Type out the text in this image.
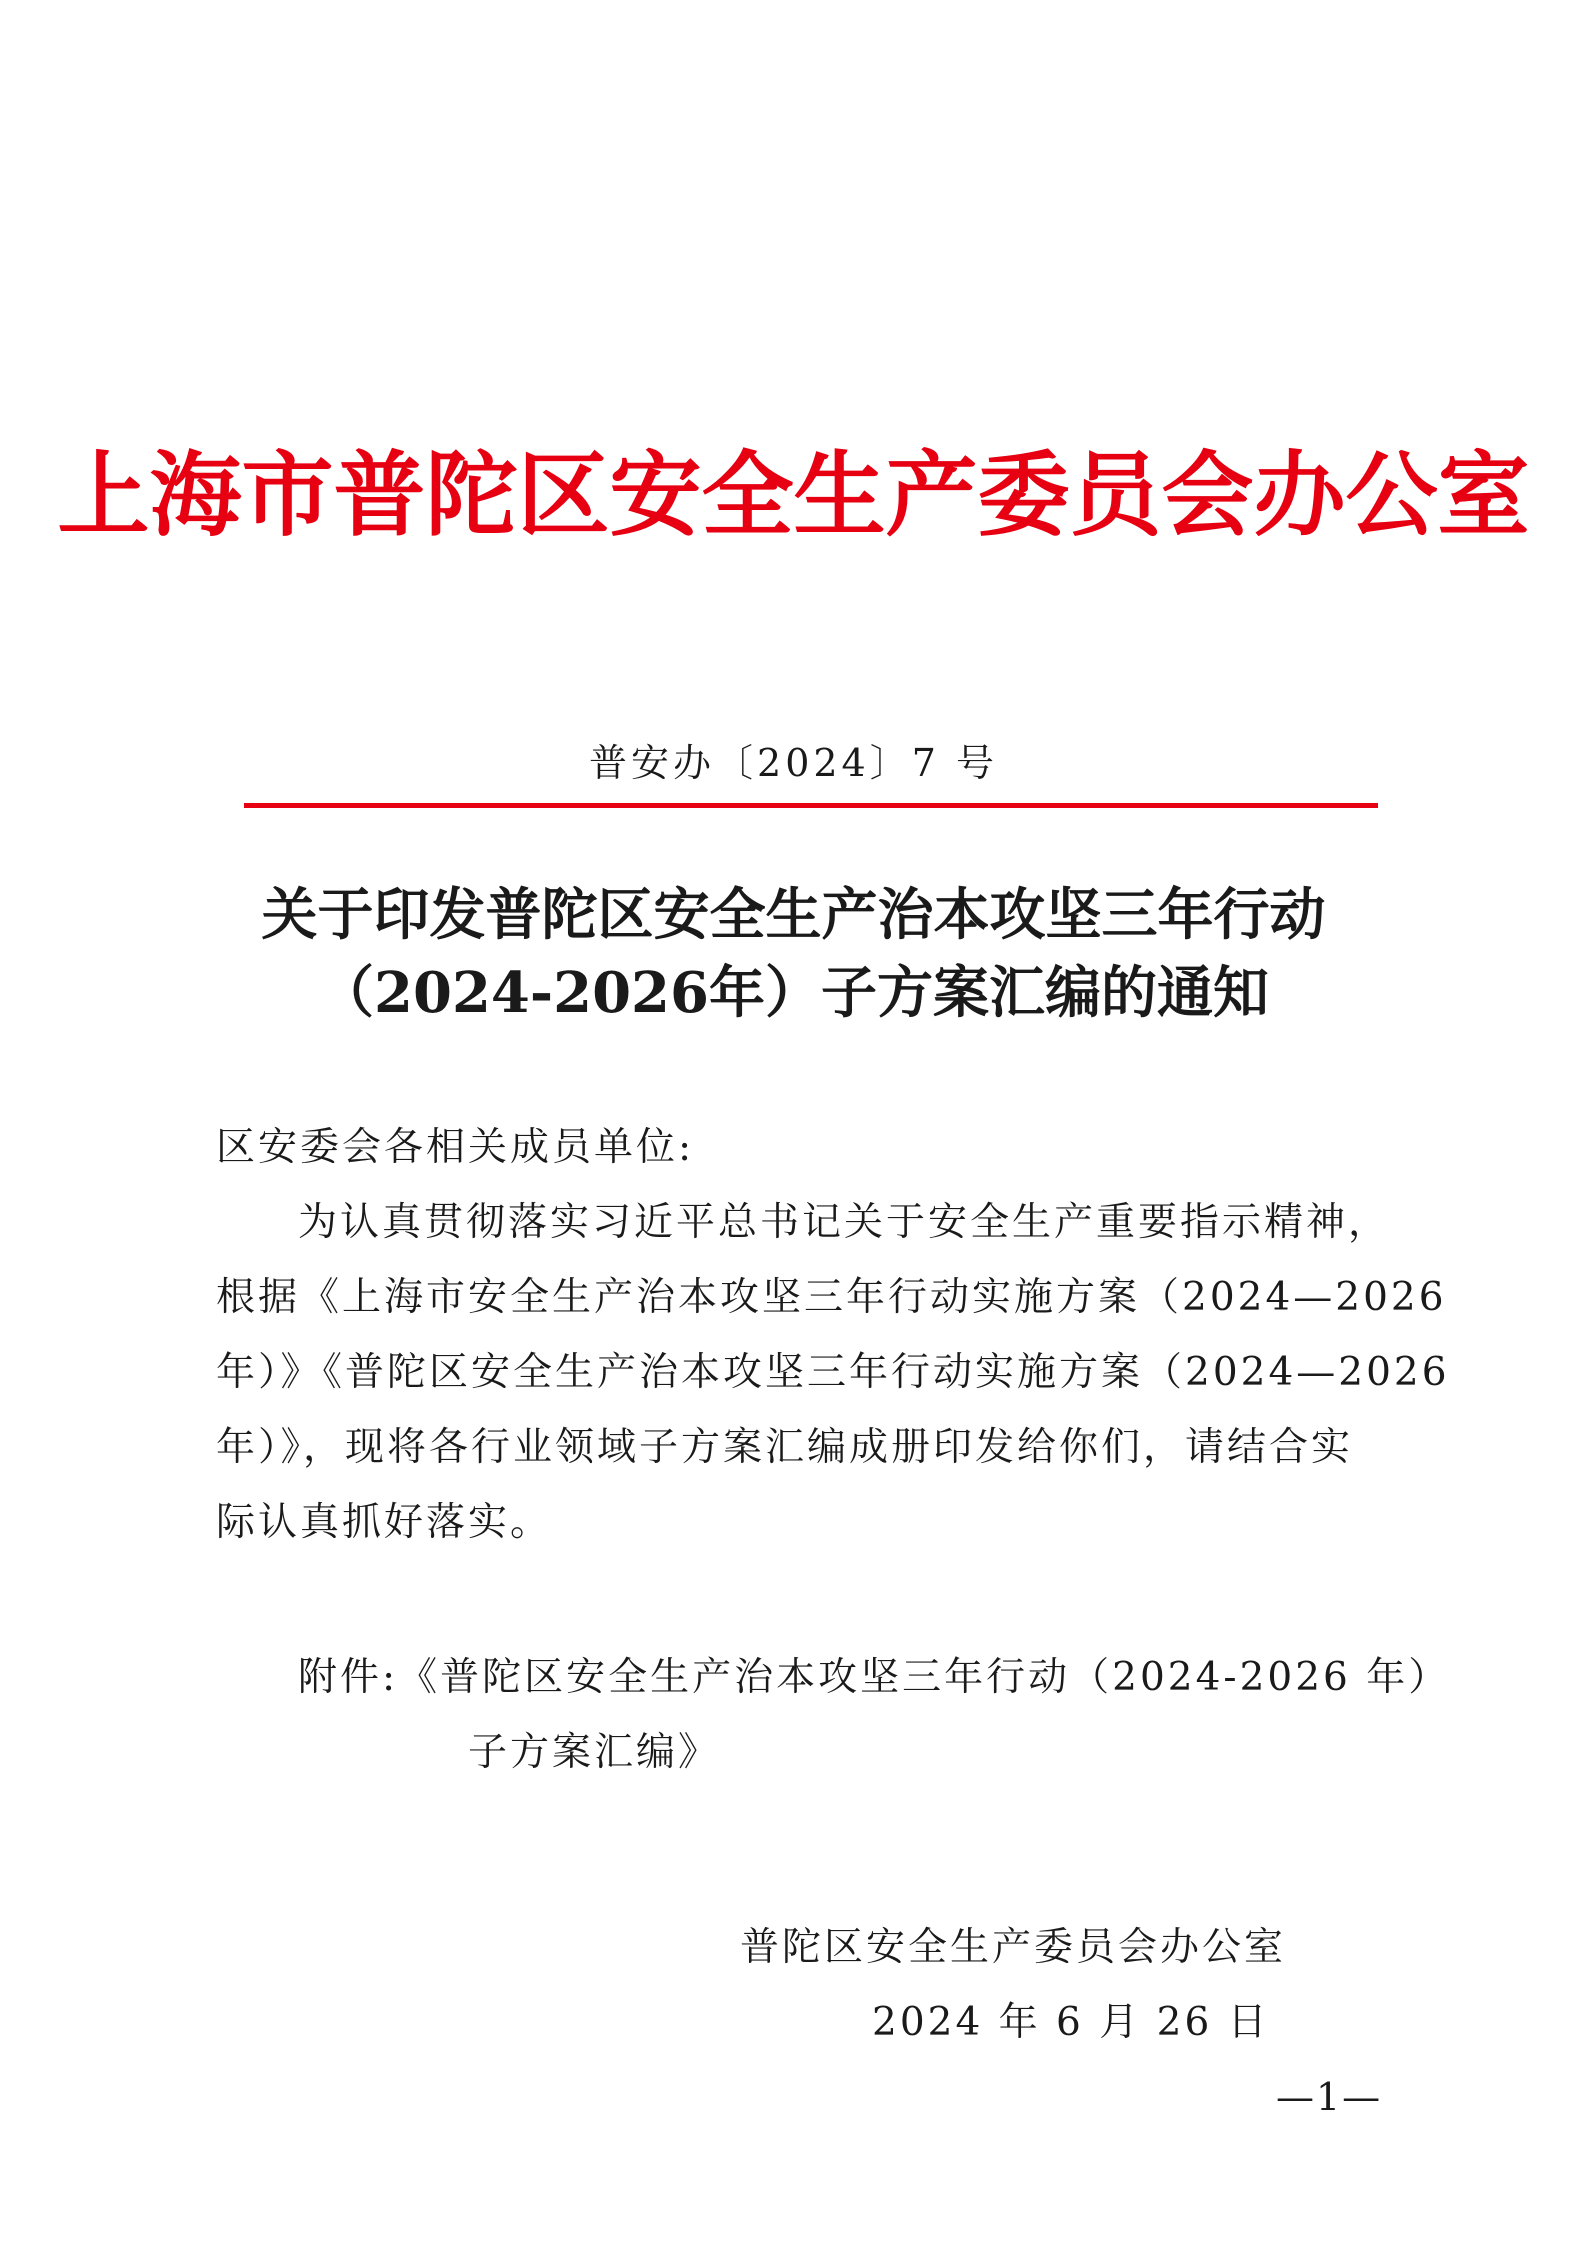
上海市普陀区安全生产委员会办公室
普安办〔2024〕7 号
关于印发普陀区安全生产治本攻坚三年行动
（2024-2026年）子方案汇编的通知
区安委会各相关成员单位:
为认真贯彻落实习近平总书记关于安全生产重要指示精神，
根据《上海市安全生产治本攻坚三年行动实施方案（2024—2026
年）》《普陀区安全生产治本攻坚三年行动实施方案（2024—2026
年）》，现将各行业领域子方案汇编成册印发给你们，请结合实
际认真抓好落实。
附件:《普陀区安全生产治本攻坚三年行动（2024-2026 年）
子方案汇编》
普陀区安全生产委员会办公室
2024 年 6 月 26 日
—1—
